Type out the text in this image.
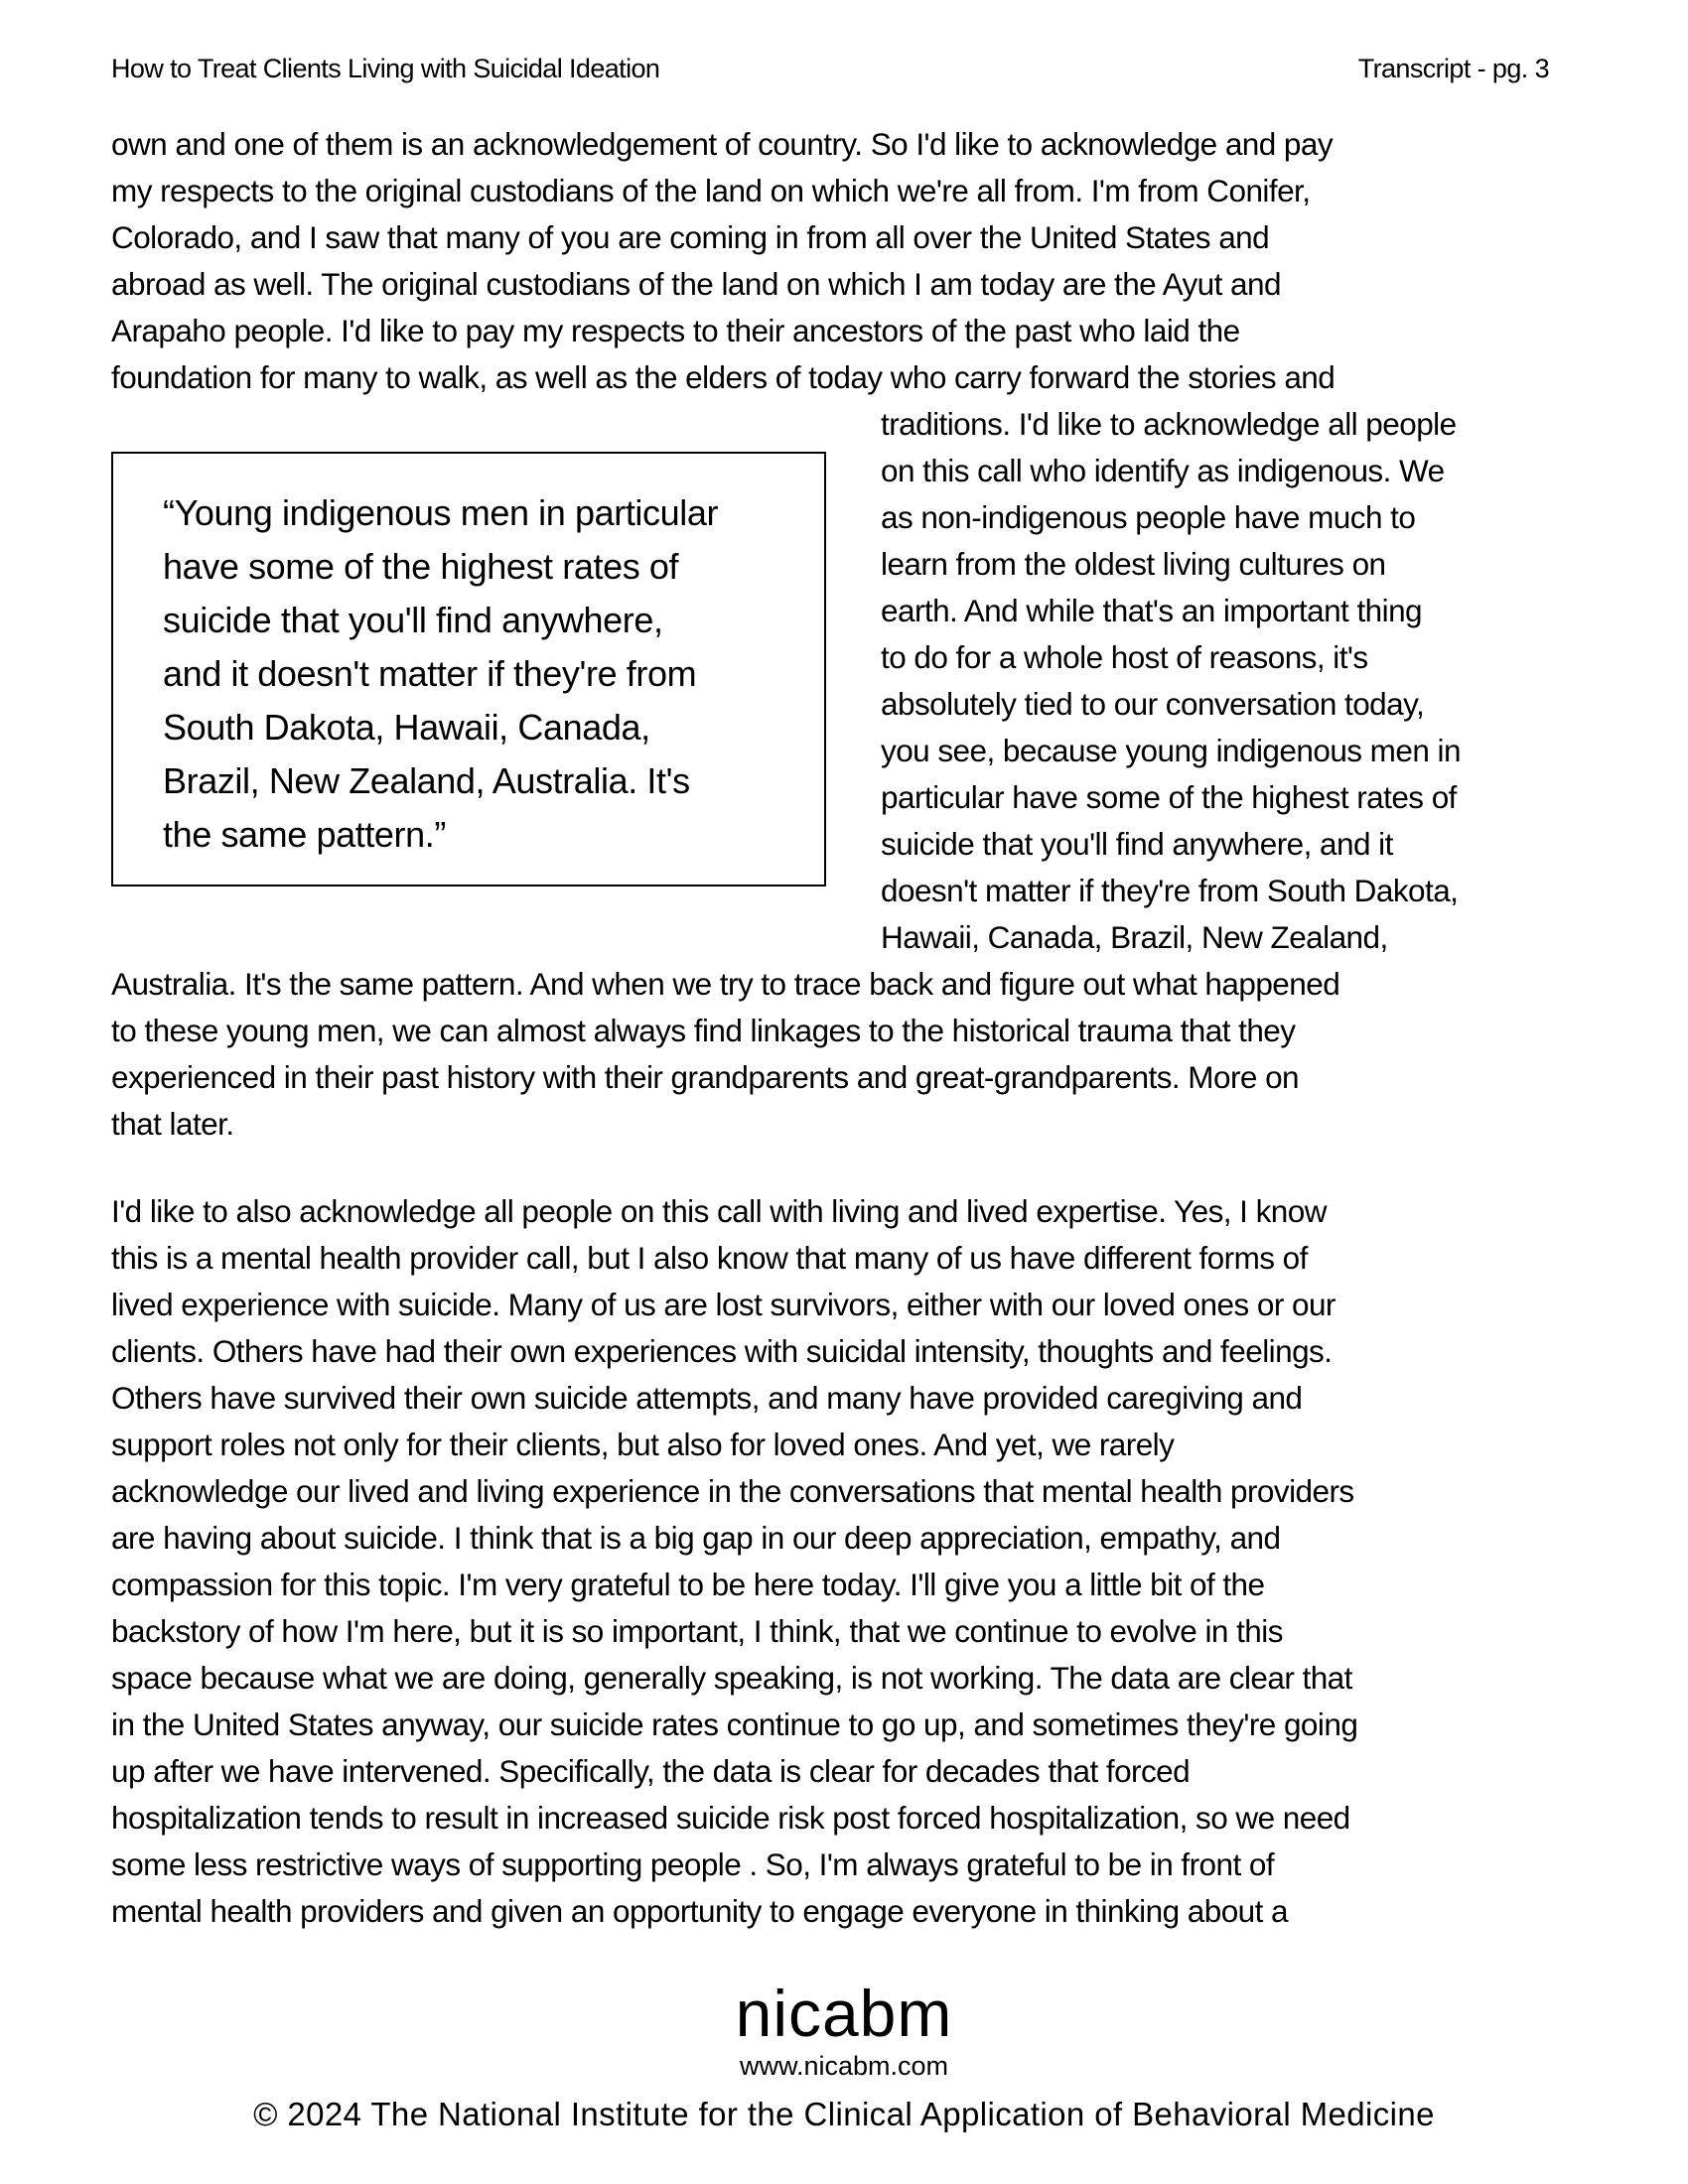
How to Treat Clients Living with Suicidal Ideation	Transcript - pg. 3
own and one of them is an acknowledgement of country. So I'd like to acknowledge and pay
my respects to the original custodians of the land on which we're all from. I'm from Conifer,
Colorado, and I saw that many of you are coming in from all over the United States and
abroad as well. The original custodians of the land on which I am today are the Ayut and
Arapaho people. I'd like to pay my respects to their ancestors of the past who laid the
foundation for many to walk, as well as the elders of today who carry forward the stories and
traditions. I'd like to acknowledge all people
on this call who identify as indigenous. We
as non-indigenous people have much to
learn from the oldest living cultures on
earth. And while that's an important thing
to do for a whole host of reasons, it's
absolutely tied to our conversation today,
you see, because young indigenous men in
particular have some of the highest rates of
suicide that you'll find anywhere, and it
doesn't matter if they're from South Dakota,
Hawaii, Canada, Brazil, New Zealand,
Australia. It's the same pattern. And when we try to trace back and figure out what happened
to these young men, we can almost always find linkages to the historical trauma that they
experienced in their past history with their grandparents and great-grandparents. More on
that later.
I'd like to also acknowledge all people on this call with living and lived expertise. Yes, I know
this is a mental health provider call, but I also know that many of us have different forms of
lived experience with suicide. Many of us are lost survivors, either with our loved ones or our
clients. Others have had their own experiences with suicidal intensity, thoughts and feelings.
Others have survived their own suicide attempts, and many have provided caregiving and
support roles not only for their clients, but also for loved ones. And yet, we rarely
acknowledge our lived and living experience in the conversations that mental health providers
are having about suicide. I think that is a big gap in our deep appreciation, empathy, and
compassion for this topic. I'm very grateful to be here today. I'll give you a little bit of the
backstory of how I'm here, but it is so important, I think, that we continue to evolve in this
space because what we are doing, generally speaking, is not working. The data are clear that
in the United States anyway, our suicide rates continue to go up, and sometimes they're going
up after we have intervened. Specifically, the data is clear for decades that forced
hospitalization tends to result in increased suicide risk post forced hospitalization, so we need
some less restrictive ways of supporting people . So, I'm always grateful to be in front of
mental health providers and given an opportunity to engage everyone in thinking about a
“Young indigenous men in particular
have some of the highest rates of
suicide that you'll find anywhere,
and it doesn't matter if they're from
South Dakota, Hawaii, Canada,
Brazil, New Zealand, Australia. It's
the same pattern.”
nicabm
www.nicabm.com
© 2024 The National Institute for the Clinical Application of Behavioral Medicine
